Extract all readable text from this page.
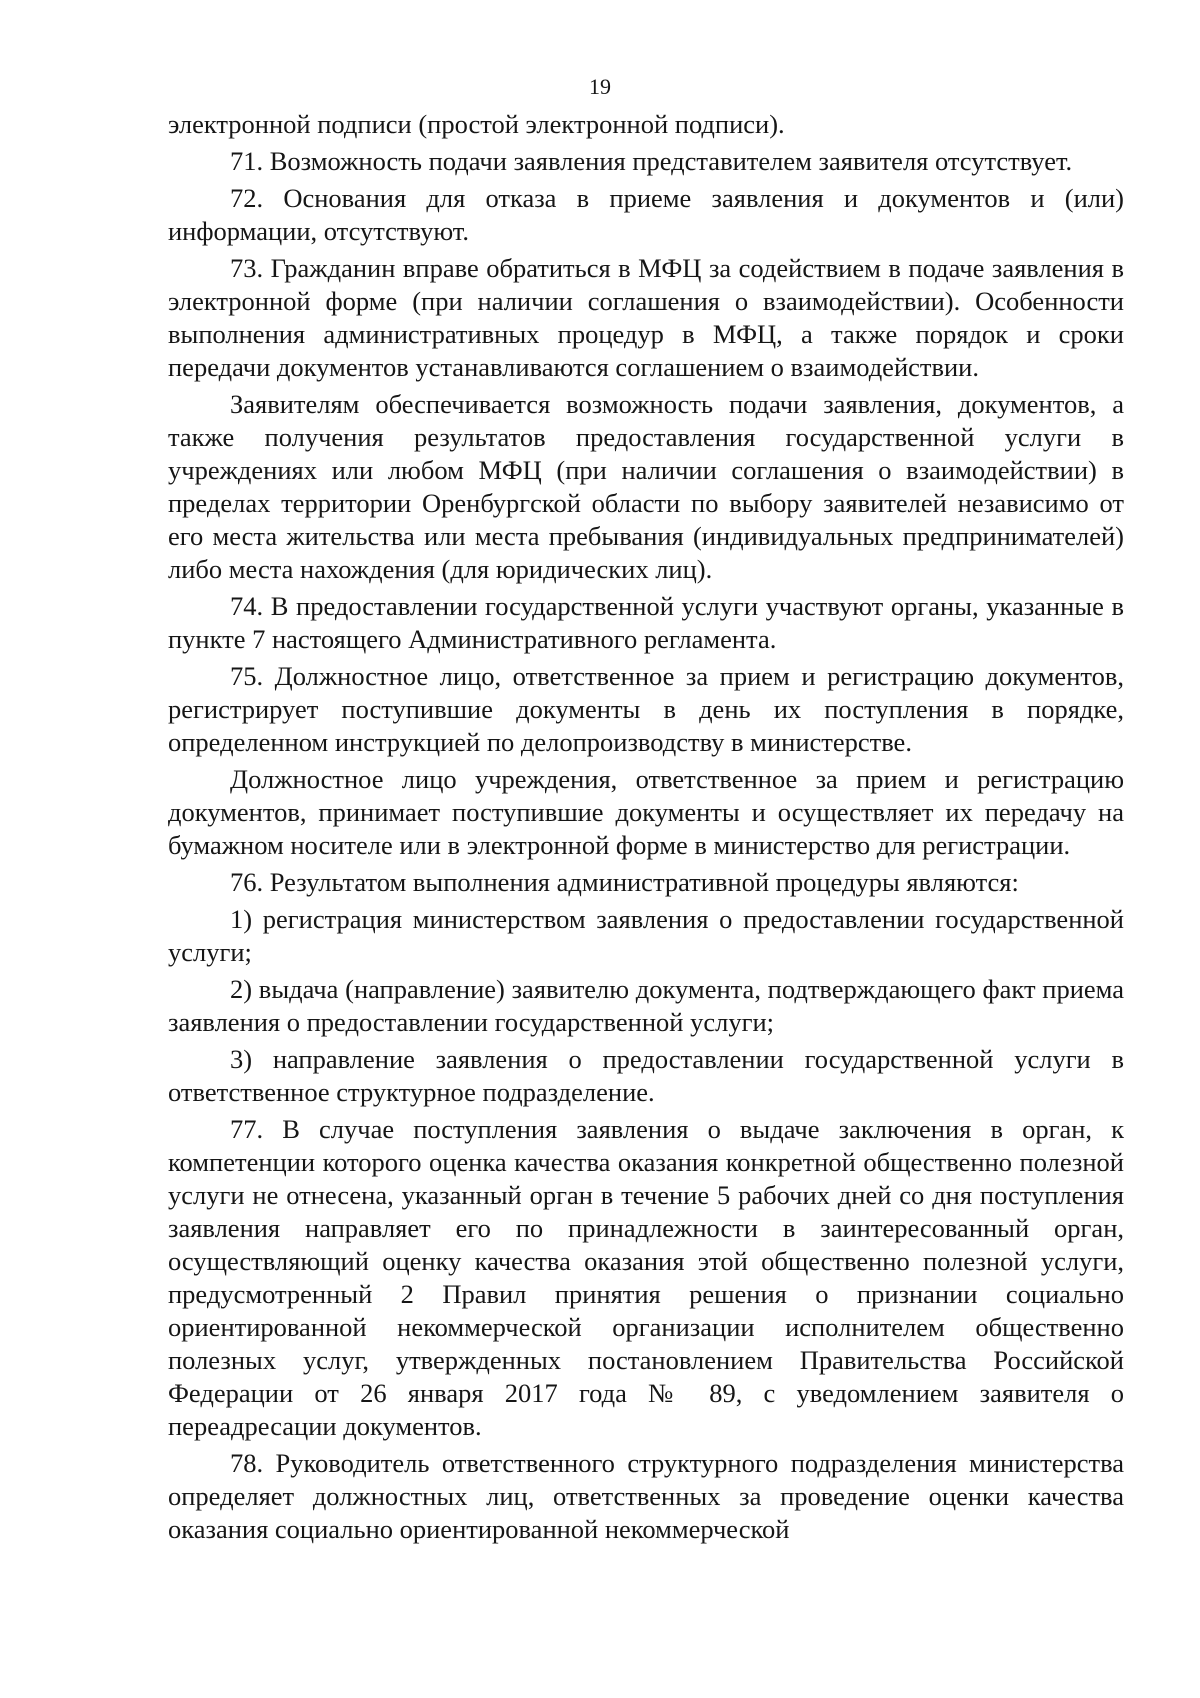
19

электронной подписи (простой электронной подписи).

71. Возможность подачи заявления представителем заявителя отсутствует.

72. Основания для отказа в приеме заявления и документов и (или) информации, отсутствуют.

73. Гражданин вправе обратиться в МФЦ за содействием в подаче заявления в электронной форме (при наличии соглашения о взаимодействии). Особенности выполнения административных процедур в МФЦ, а также порядок и сроки передачи документов устанавливаются соглашением о взаимодействии.

Заявителям обеспечивается возможность подачи заявления, документов, а также получения результатов предоставления государственной услуги в учреждениях или любом МФЦ (при наличии соглашения о взаимодействии) в пределах территории Оренбургской области по выбору заявителей независимо от его места жительства или места пребывания (индивидуальных предпринимателей) либо места нахождения (для юридических лиц).

74. В предоставлении государственной услуги участвуют органы, указанные в пункте 7 настоящего Административного регламента.

75. Должностное лицо, ответственное за прием и регистрацию документов, регистрирует поступившие документы в день их поступления в порядке, определенном инструкцией по делопроизводству в министерстве.

Должностное лицо учреждения, ответственное за прием и регистрацию документов, принимает поступившие документы и осуществляет их передачу на бумажном носителе или в электронной форме в министерство для регистрации.

76. Результатом выполнения административной процедуры являются:

1) регистрация министерством заявления о предоставлении государственной услуги;

2) выдача (направление) заявителю документа, подтверждающего факт приема заявления о предоставлении государственной услуги;

3) направление заявления о предоставлении государственной услуги в ответственное структурное подразделение.

77. В случае поступления заявления о выдаче заключения в орган, к компетенции которого оценка качества оказания конкретной общественно полезной услуги не отнесена, указанный орган в течение 5 рабочих дней со дня поступления заявления направляет его по принадлежности в заинтересованный орган, осуществляющий оценку качества оказания этой общественно полезной услуги, предусмотренный 2 Правил принятия решения о признании социально ориентированной некоммерческой организации исполнителем общественно полезных услуг, утвержденных постановлением Правительства Российской Федерации от 26 января 2017 года № 89, с уведомлением заявителя о переадресации документов.

78. Руководитель ответственного структурного подразделения министерства определяет должностных лиц, ответственных за проведение оценки качества оказания социально ориентированной некоммерческой
